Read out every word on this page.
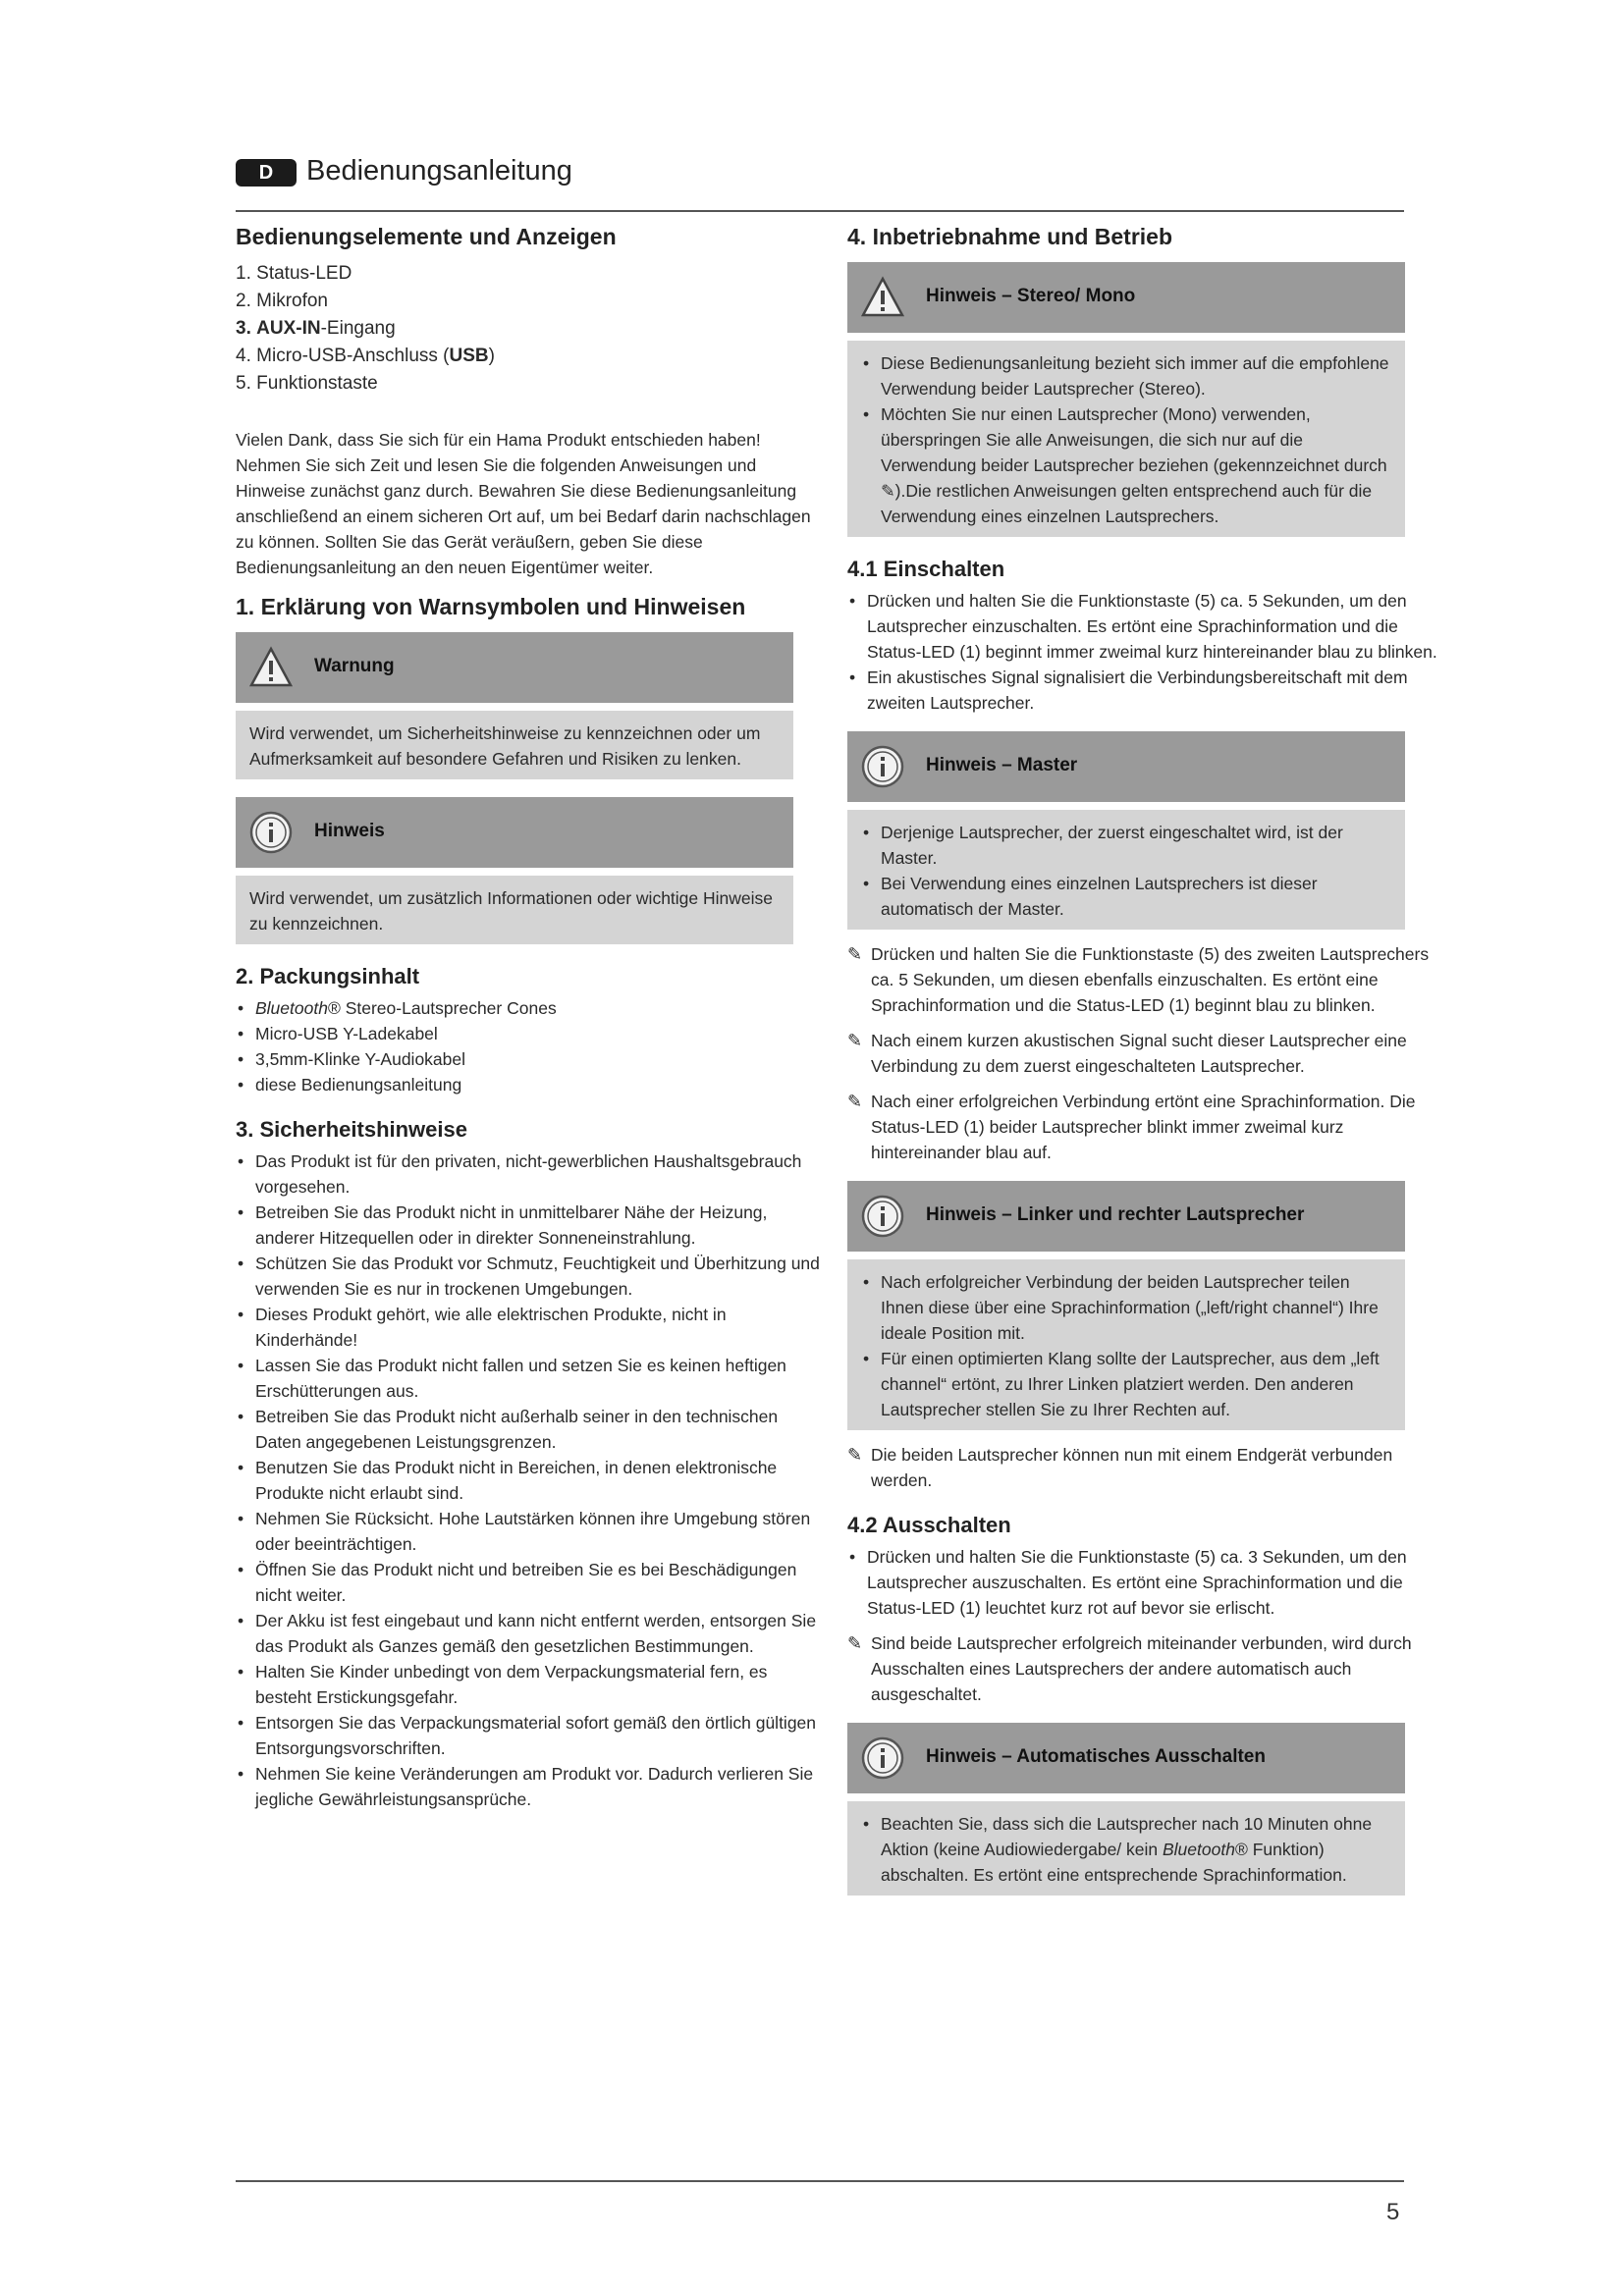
D	Bedienungsanleitung
Bedienungselemente und Anzeigen
1. Status-LED
2. Mikrofon
3. AUX-IN-Eingang
4. Micro-USB-Anschluss (USB)
5. Funktionstaste

Vielen Dank, dass Sie sich für ein Hama Produkt entschieden haben! Nehmen Sie sich Zeit und lesen Sie die folgenden Anweisungen und Hinweise zunächst ganz durch. Bewahren Sie diese Bedienungsanleitung anschließend an einem sicheren Ort auf, um bei Bedarf darin nachschlagen zu können. Sollten Sie das Gerät veräußern, geben Sie diese Bedienungsanleitung an den neuen Eigentümer weiter.

1. Erklärung von Warnsymbolen und Hinweisen
Warnung
Wird verwendet, um Sicherheitshinweise zu kennzeichnen oder um Aufmerksamkeit auf besondere Gefahren und Risiken zu lenken.
Hinweis
Wird verwendet, um zusätzlich Informationen oder wichtige Hinweise zu kennzeichnen.
2. Packungsinhalt
• Bluetooth® Stereo-Lautsprecher Cones
• Micro-USB Y-Ladekabel
• 3,5mm-Klinke Y-Audiokabel
• diese Bedienungsanleitung
3. Sicherheitshinweise
• Das Produkt ist für den privaten, nicht-gewerblichen Haushaltsgebrauch vorgesehen.
• Betreiben Sie das Produkt nicht in unmittelbarer Nähe der Heizung, anderer Hitzequellen oder in direkter Sonneneinstrahlung.
• Schützen Sie das Produkt vor Schmutz, Feuchtigkeit und Überhitzung und verwenden Sie es nur in trockenen Umgebungen.
• Dieses Produkt gehört, wie alle elektrischen Produkte, nicht in Kinderhände!
• Lassen Sie das Produkt nicht fallen und setzen Sie es keinen heftigen Erschütterungen aus.
• Betreiben Sie das Produkt nicht außerhalb seiner in den technischen Daten angegebenen Leistungsgrenzen.
• Benutzen Sie das Produkt nicht in Bereichen, in denen elektronische Produkte nicht erlaubt sind.
• Nehmen Sie Rücksicht. Hohe Lautstärken können ihre Umgebung stören oder beeinträchtigen.
• Öffnen Sie das Produkt nicht und betreiben Sie es bei Beschädigungen nicht weiter.
• Der Akku ist fest eingebaut und kann nicht entfernt werden, entsorgen Sie das Produkt als Ganzes gemäß den gesetzlichen Bestimmungen.
• Halten Sie Kinder unbedingt von dem Verpackungsmaterial fern, es besteht Erstickungsgefahr.
• Entsorgen Sie das Verpackungsmaterial sofort gemäß den örtlich gültigen Entsorgungsvorschriften.
• Nehmen Sie keine Veränderungen am Produkt vor. Dadurch verlieren Sie jegliche Gewährleistungsansprüche.
4. Inbetriebnahme und Betrieb
Hinweis – Stereo/ Mono
• Diese Bedienungsanleitung bezieht sich immer auf die empfohlene Verwendung beider Lautsprecher (Stereo).
• Möchten Sie nur einen Lautsprecher (Mono) verwenden, überspringen Sie alle Anweisungen, die sich nur auf die Verwendung beider Lautsprecher beziehen (gekennzeichnet durch ✎).Die restlichen Anweisungen gelten entsprechend auch für die Verwendung eines einzelnen Lautsprechers.
4.1 Einschalten
• Drücken und halten Sie die Funktionstaste (5) ca. 5 Sekunden, um den Lautsprecher einzuschalten. Es ertönt eine Sprachinformation und die Status-LED (1) beginnt immer zweimal kurz hintereinander blau zu blinken.
• Ein akustisches Signal signalisiert die Verbindungsbereitschaft mit dem zweiten Lautsprecher.
Hinweis – Master
• Derjenige Lautsprecher, der zuerst eingeschaltet wird, ist der Master.
• Bei Verwendung eines einzelnen Lautsprechers ist dieser automatisch der Master.
✎ Drücken und halten Sie die Funktionstaste (5) des zweiten Lautsprechers ca. 5 Sekunden, um diesen ebenfalls einzuschalten. Es ertönt eine Sprachinformation und die Status-LED (1) beginnt blau zu blinken.
✎ Nach einem kurzen akustischen Signal sucht dieser Lautsprecher eine Verbindung zu dem zuerst eingeschalteten Lautsprecher.
✎ Nach einer erfolgreichen Verbindung ertönt eine Sprachinformation. Die Status-LED (1) beider Lautsprecher blinkt immer zweimal kurz hintereinander blau auf.
Hinweis – Linker und rechter Lautsprecher
• Nach erfolgreicher Verbindung der beiden Lautsprecher teilen Ihnen diese über eine Sprachinformation („left/right channel“) Ihre ideale Position mit.
• Für einen optimierten Klang sollte der Lautsprecher, aus dem „left channel“ ertönt, zu Ihrer Linken platziert werden. Den anderen Lautsprecher stellen Sie zu Ihrer Rechten auf.
✎ Die beiden Lautsprecher können nun mit einem Endgerät verbunden werden.
4.2 Ausschalten
• Drücken und halten Sie die Funktionstaste (5) ca. 3 Sekunden, um den Lautsprecher auszuschalten. Es ertönt eine Sprachinformation und die Status-LED (1) leuchtet kurz rot auf bevor sie erlischt.
✎ Sind beide Lautsprecher erfolgreich miteinander verbunden, wird durch Ausschalten eines Lautsprechers der andere automatisch auch ausgeschaltet.
Hinweis – Automatisches Ausschalten
• Beachten Sie, dass sich die Lautsprecher nach 10 Minuten ohne Aktion (keine Audiowiedergabe/ kein Bluetooth® Funktion) abschalten. Es ertönt eine entsprechende Sprachinformation.
5
